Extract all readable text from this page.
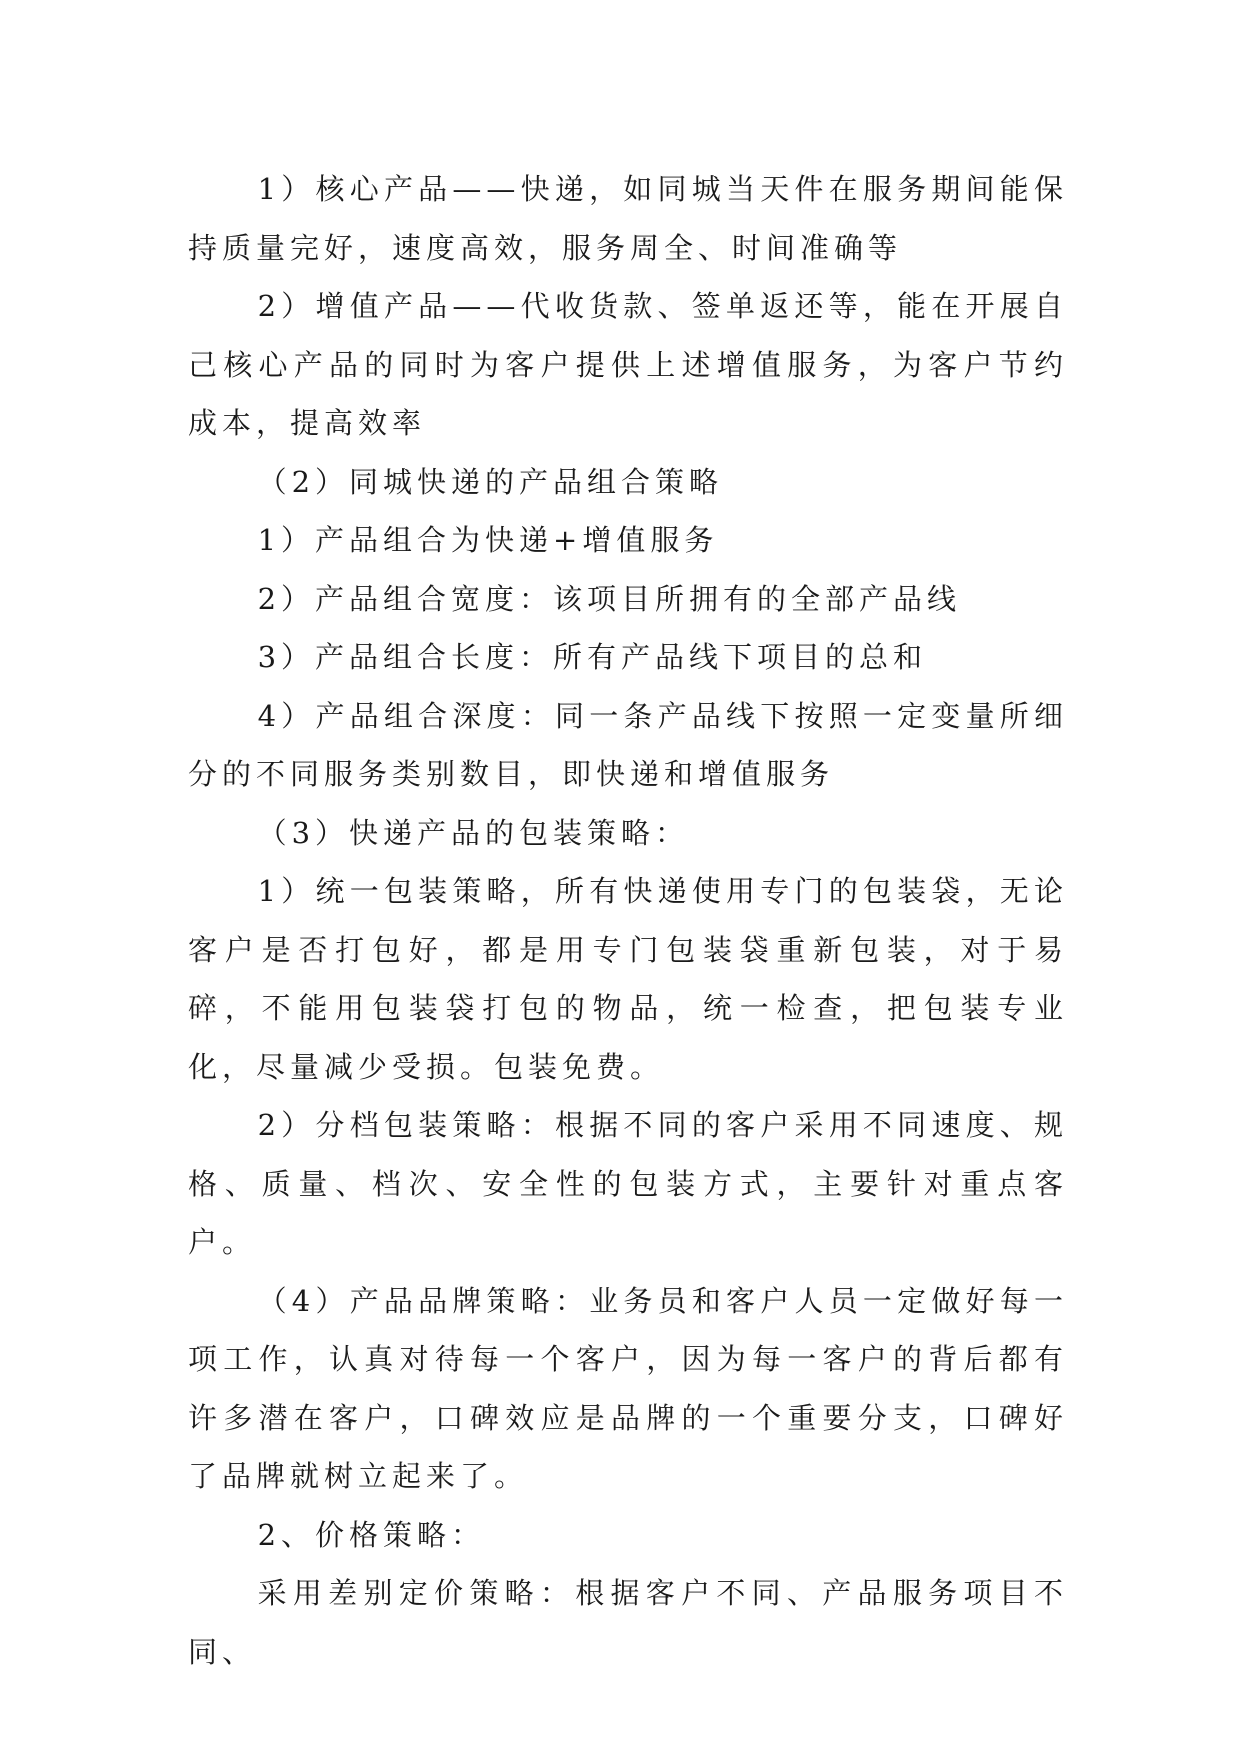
1）核心产品——快递，如同城当天件在服务期间能保持质量完好，速度高效，服务周全、时间准确等

2）增值产品——代收货款、签单返还等，能在开展自己核心产品的同时为客户提供上述增值服务，为客户节约成本，提高效率

（2）同城快递的产品组合策略

1）产品组合为快递+增值服务

2）产品组合宽度：该项目所拥有的全部产品线

3）产品组合长度：所有产品线下项目的总和

4）产品组合深度：同一条产品线下按照一定变量所细分的不同服务类别数目，即快递和增值服务

（3）快递产品的包装策略：

1）统一包装策略，所有快递使用专门的包装袋，无论客户是否打包好，都是用专门包装袋重新包装，对于易碎，不能用包装袋打包的物品，统一检查，把包装专业化，尽量减少受损。包装免费。

2）分档包装策略：根据不同的客户采用不同速度、规格、质量、档次、安全性的包装方式，主要针对重点客户。

（4）产品品牌策略：业务员和客户人员一定做好每一项工作，认真对待每一个客户，因为每一客户的背后都有许多潜在客户，口碑效应是品牌的一个重要分支，口碑好了品牌就树立起来了。

2、价格策略：

采用差别定价策略：根据客户不同、产品服务项目不同、
